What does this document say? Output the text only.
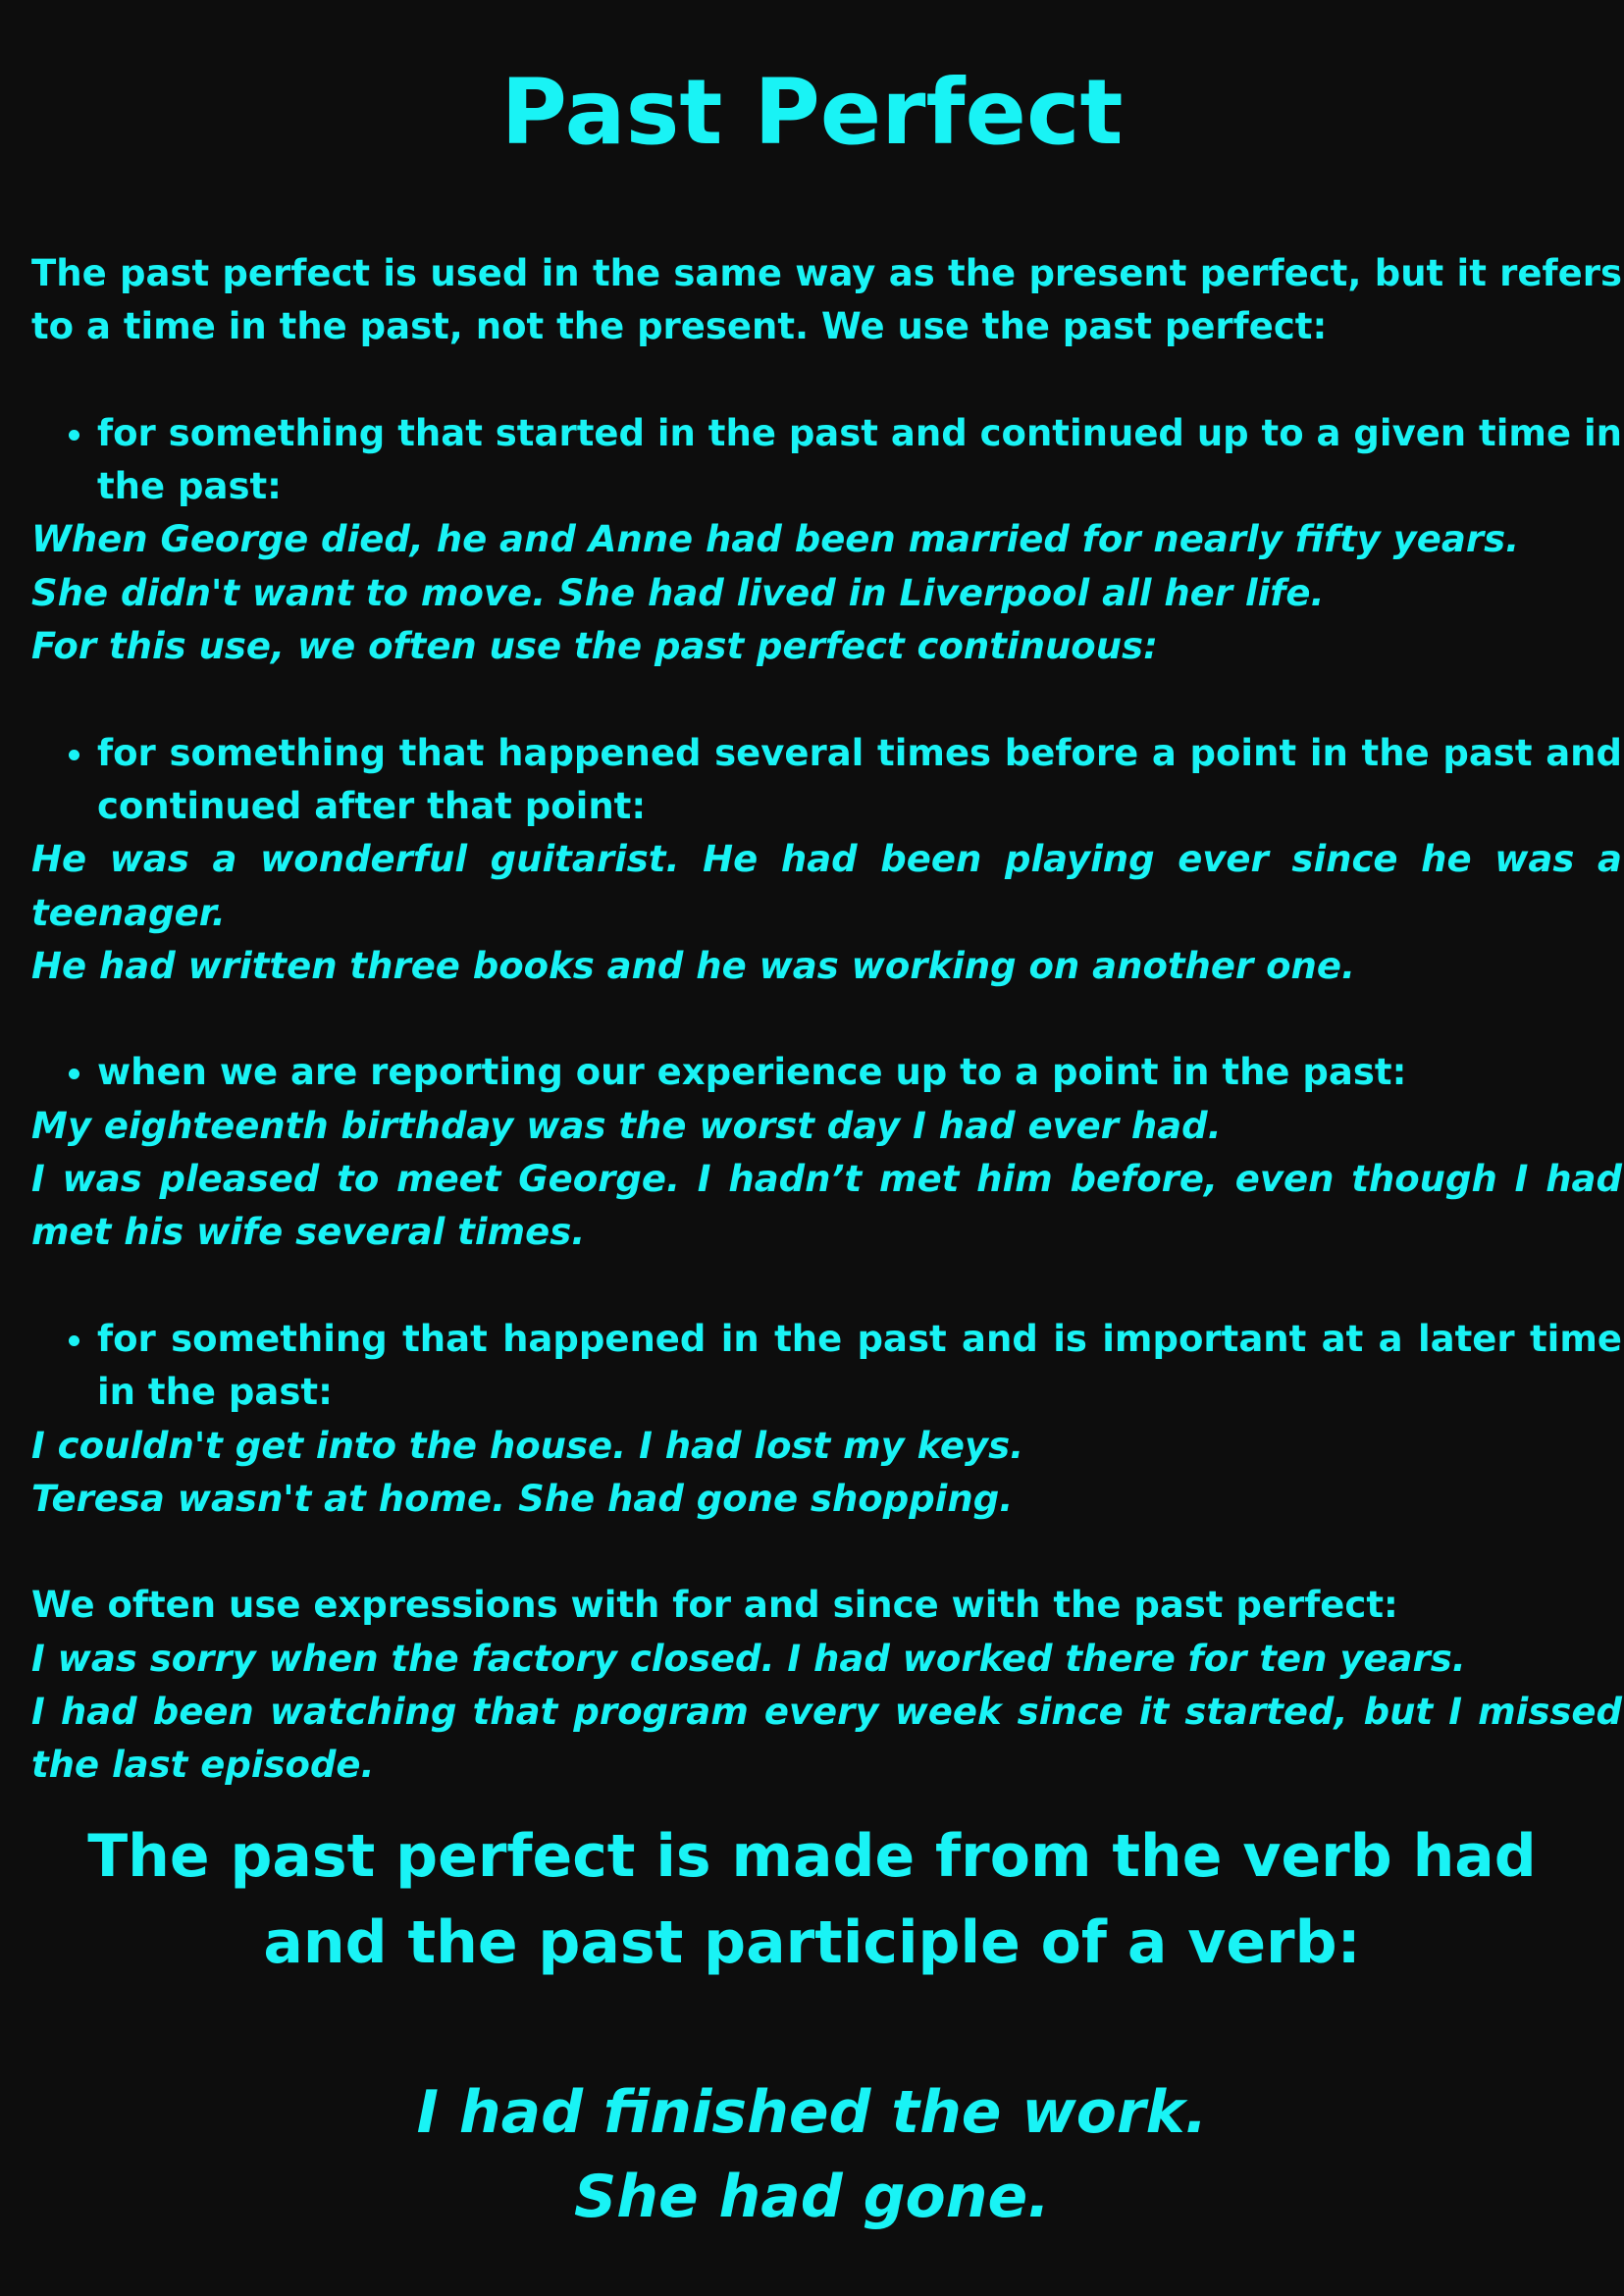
Past Perfect

The past perfect is used in the same way as the present perfect, but it refers to a time in the past, not the present. We use the past perfect:

• for something that started in the past and continued up to a given time in the past:

When George died, he and Anne had been married for nearly fifty years.

She didn't want to move. She had lived in Liverpool all her life.

For this use, we often use the past perfect continuous:

• for something that happened several times before a point in the past and continued after that point:

He was a wonderful guitarist. He had been playing ever since he was a teenager.

He had written three books and he was working on another one.

• when we are reporting our experience up to a point in the past:

My eighteenth birthday was the worst day I had ever had.

I was pleased to meet George. I hadn’t met him before, even though I had met his wife several times.

• for something that happened in the past and is important at a later time in the past:

I couldn't get into the house. I had lost my keys.

Teresa wasn't at home. She had gone shopping.

We often use expressions with for and since with the past perfect:

I was sorry when the factory closed. I had worked there for ten years.

I had been watching that program every week since it started, but I missed the last episode.

The past perfect is made from the verb had and the past participle of a verb:
I had finished the work.
She had gone.
